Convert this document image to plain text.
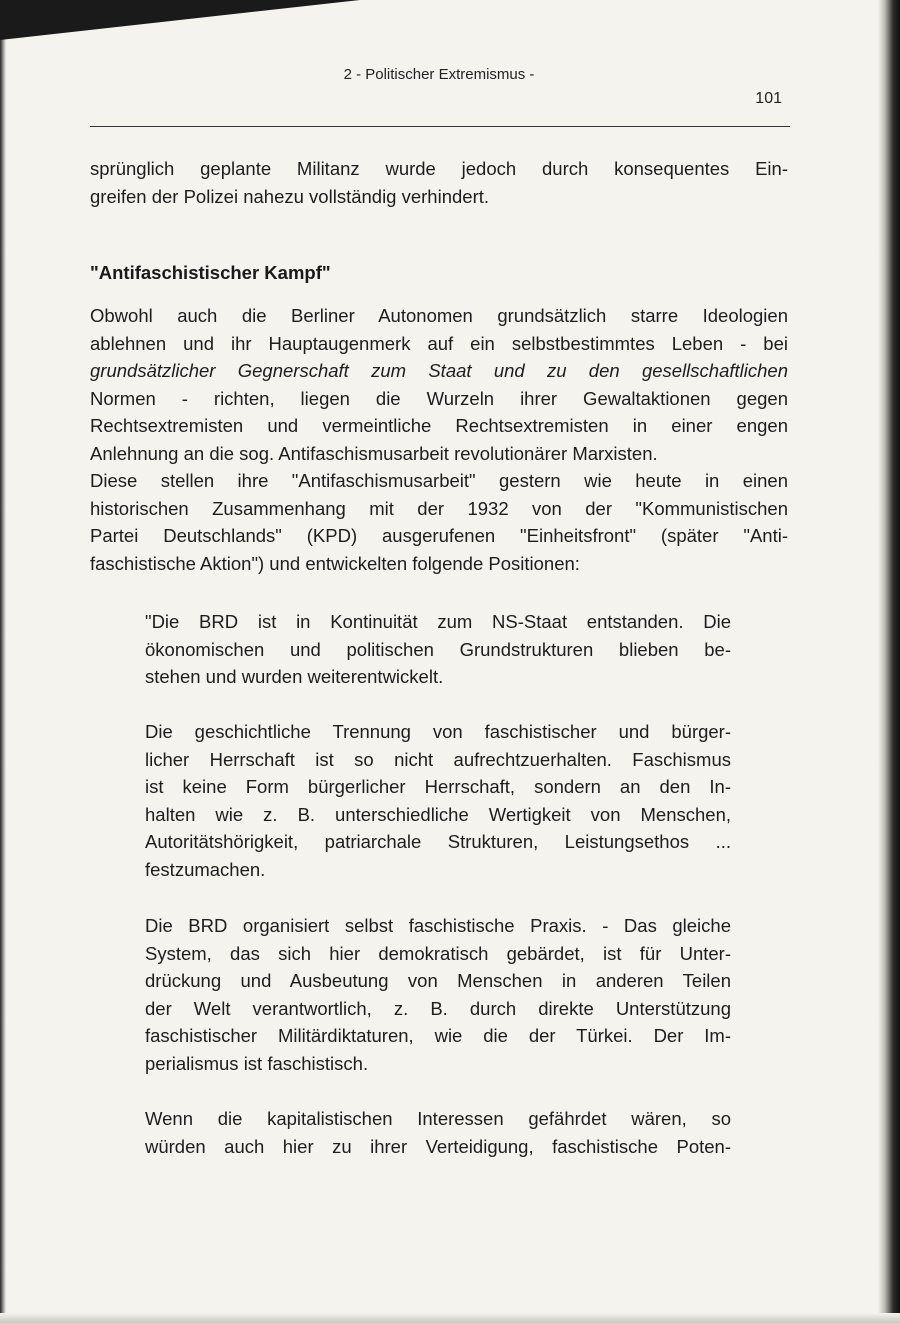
2 - Politischer Extremismus -
101
sprünglich geplante Militanz wurde jedoch durch konsequentes Ein-
greifen der Polizei nahezu vollständig verhindert.
"Antifaschistischer Kampf"
Obwohl auch die Berliner Autonomen grundsätzlich starre Ideologien
ablehnen und ihr Hauptaugenmerk auf ein selbstbestimmtes Leben - bei
grundsätzlicher Gegnerschaft zum Staat und zu den gesellschaftlichen
Normen - richten, liegen die Wurzeln ihrer Gewaltaktionen gegen
Rechtsextremisten und vermeintliche Rechtsextremisten in einer engen
Anlehnung an die sog. Antifaschismusarbeit revolutionärer Marxisten.
Diese stellen ihre "Antifaschismusarbeit" gestern wie heute in einen
historischen Zusammenhang mit der 1932 von der "Kommunistischen
Partei Deutschlands" (KPD) ausgerufenen "Einheitsfront" (später "Anti-
faschistische Aktion") und entwickelten folgende Positionen:
"Die BRD ist in Kontinuität zum NS-Staat entstanden. Die
ökonomischen und politischen Grundstrukturen blieben be-
stehen und wurden weiterentwickelt.
Die geschichtliche Trennung von faschistischer und bürger-
licher Herrschaft ist so nicht aufrechtzuerhalten. Faschismus
ist keine Form bürgerlicher Herrschaft, sondern an den In-
halten wie z. B. unterschiedliche Wertigkeit von Menschen,
Autoritätshörigkeit, patriarchale Strukturen, Leistungsethos ...
festzumachen.
Die BRD organisiert selbst faschistische Praxis. - Das gleiche
System, das sich hier demokratisch gebärdet, ist für Unter-
drückung und Ausbeutung von Menschen in anderen Teilen
der Welt verantwortlich, z. B. durch direkte Unterstützung
faschistischer Militärdiktaturen, wie die der Türkei. Der Im-
perialismus ist faschistisch.
Wenn die kapitalistischen Interessen gefährdet wären, so
würden auch hier zu ihrer Verteidigung, faschistische Poten-
